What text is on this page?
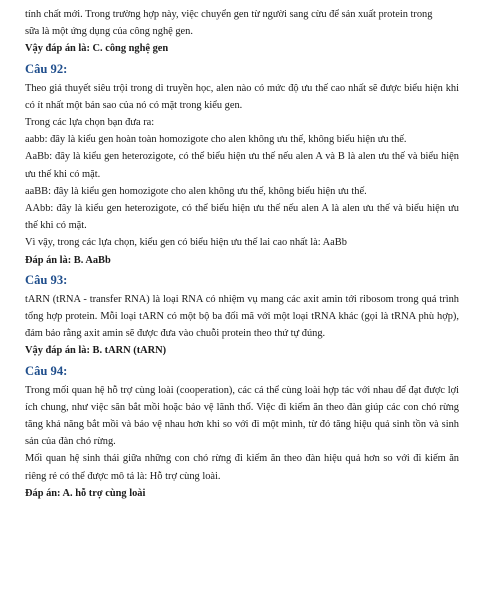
tính chất mới. Trong trường hợp này, việc chuyển gen từ người sang cừu để sản xuất protein trong

sữa là một ứng dụng của công nghệ gen.

Vậy đáp án là: C. công nghệ gen

Câu 92:

Theo giả thuyết siêu trội trong di truyền học, alen nào có mức độ ưu thế cao nhất sẽ được biểu hiện khi có ít nhất một bản sao của nó có mặt trong kiểu gen.

Trong các lựa chọn bạn đưa ra:

aabb: đây là kiểu gen hoàn toàn homozigote cho alen không ưu thế, không biểu hiện ưu thế.

AaBb: đây là kiểu gen heterozigote, có thể biểu hiện ưu thế nếu alen A và B là alen ưu thế và biểu hiện ưu thế khi có mặt.

aaBB: đây là kiểu gen homozigote cho alen không ưu thế, không biểu hiện ưu thế.

AAbb: đây là kiểu gen heterozigote, có thể biểu hiện ưu thế nếu alen A là alen ưu thế và biểu hiện ưu thế khi có mặt.

Vì vậy, trong các lựa chọn, kiểu gen có biểu hiện ưu thế lai cao nhất là: AaBb

Đáp án là: B. AaBb

Câu 93:

tARN (tRNA - transfer RNA) là loại RNA có nhiệm vụ mang các axit amin tới ribosom trong quá trình tổng hợp protein. Mỗi loại tARN có một bộ ba đối mã với một loại tRNA khác (gọi là tRNA phù hợp), đảm bảo rằng axit amin sẽ được đưa vào chuỗi protein theo thứ tự đúng.

Vậy đáp án là: B. tARN (tARN)

Câu 94:

Trong mối quan hệ hỗ trợ cùng loài (cooperation), các cá thể cùng loài hợp tác với nhau để đạt được lợi ích chung, như việc săn bắt mồi hoặc bảo vệ lãnh thổ. Việc đi kiếm ăn theo đàn giúp các con chó rừng tăng khả năng bắt mồi và bảo vệ nhau hơn khi so với đi một mình, từ đó tăng hiệu quả sinh tồn và sinh sản của đàn chó rừng.

Mối quan hệ sinh thái giữa những con chó rừng đi kiếm ăn theo đàn hiệu quả hơn so với đi kiếm ăn riêng rẻ có thể được mô tả là: Hỗ trợ cùng loài.

Đáp án: A. hỗ trợ cùng loài
